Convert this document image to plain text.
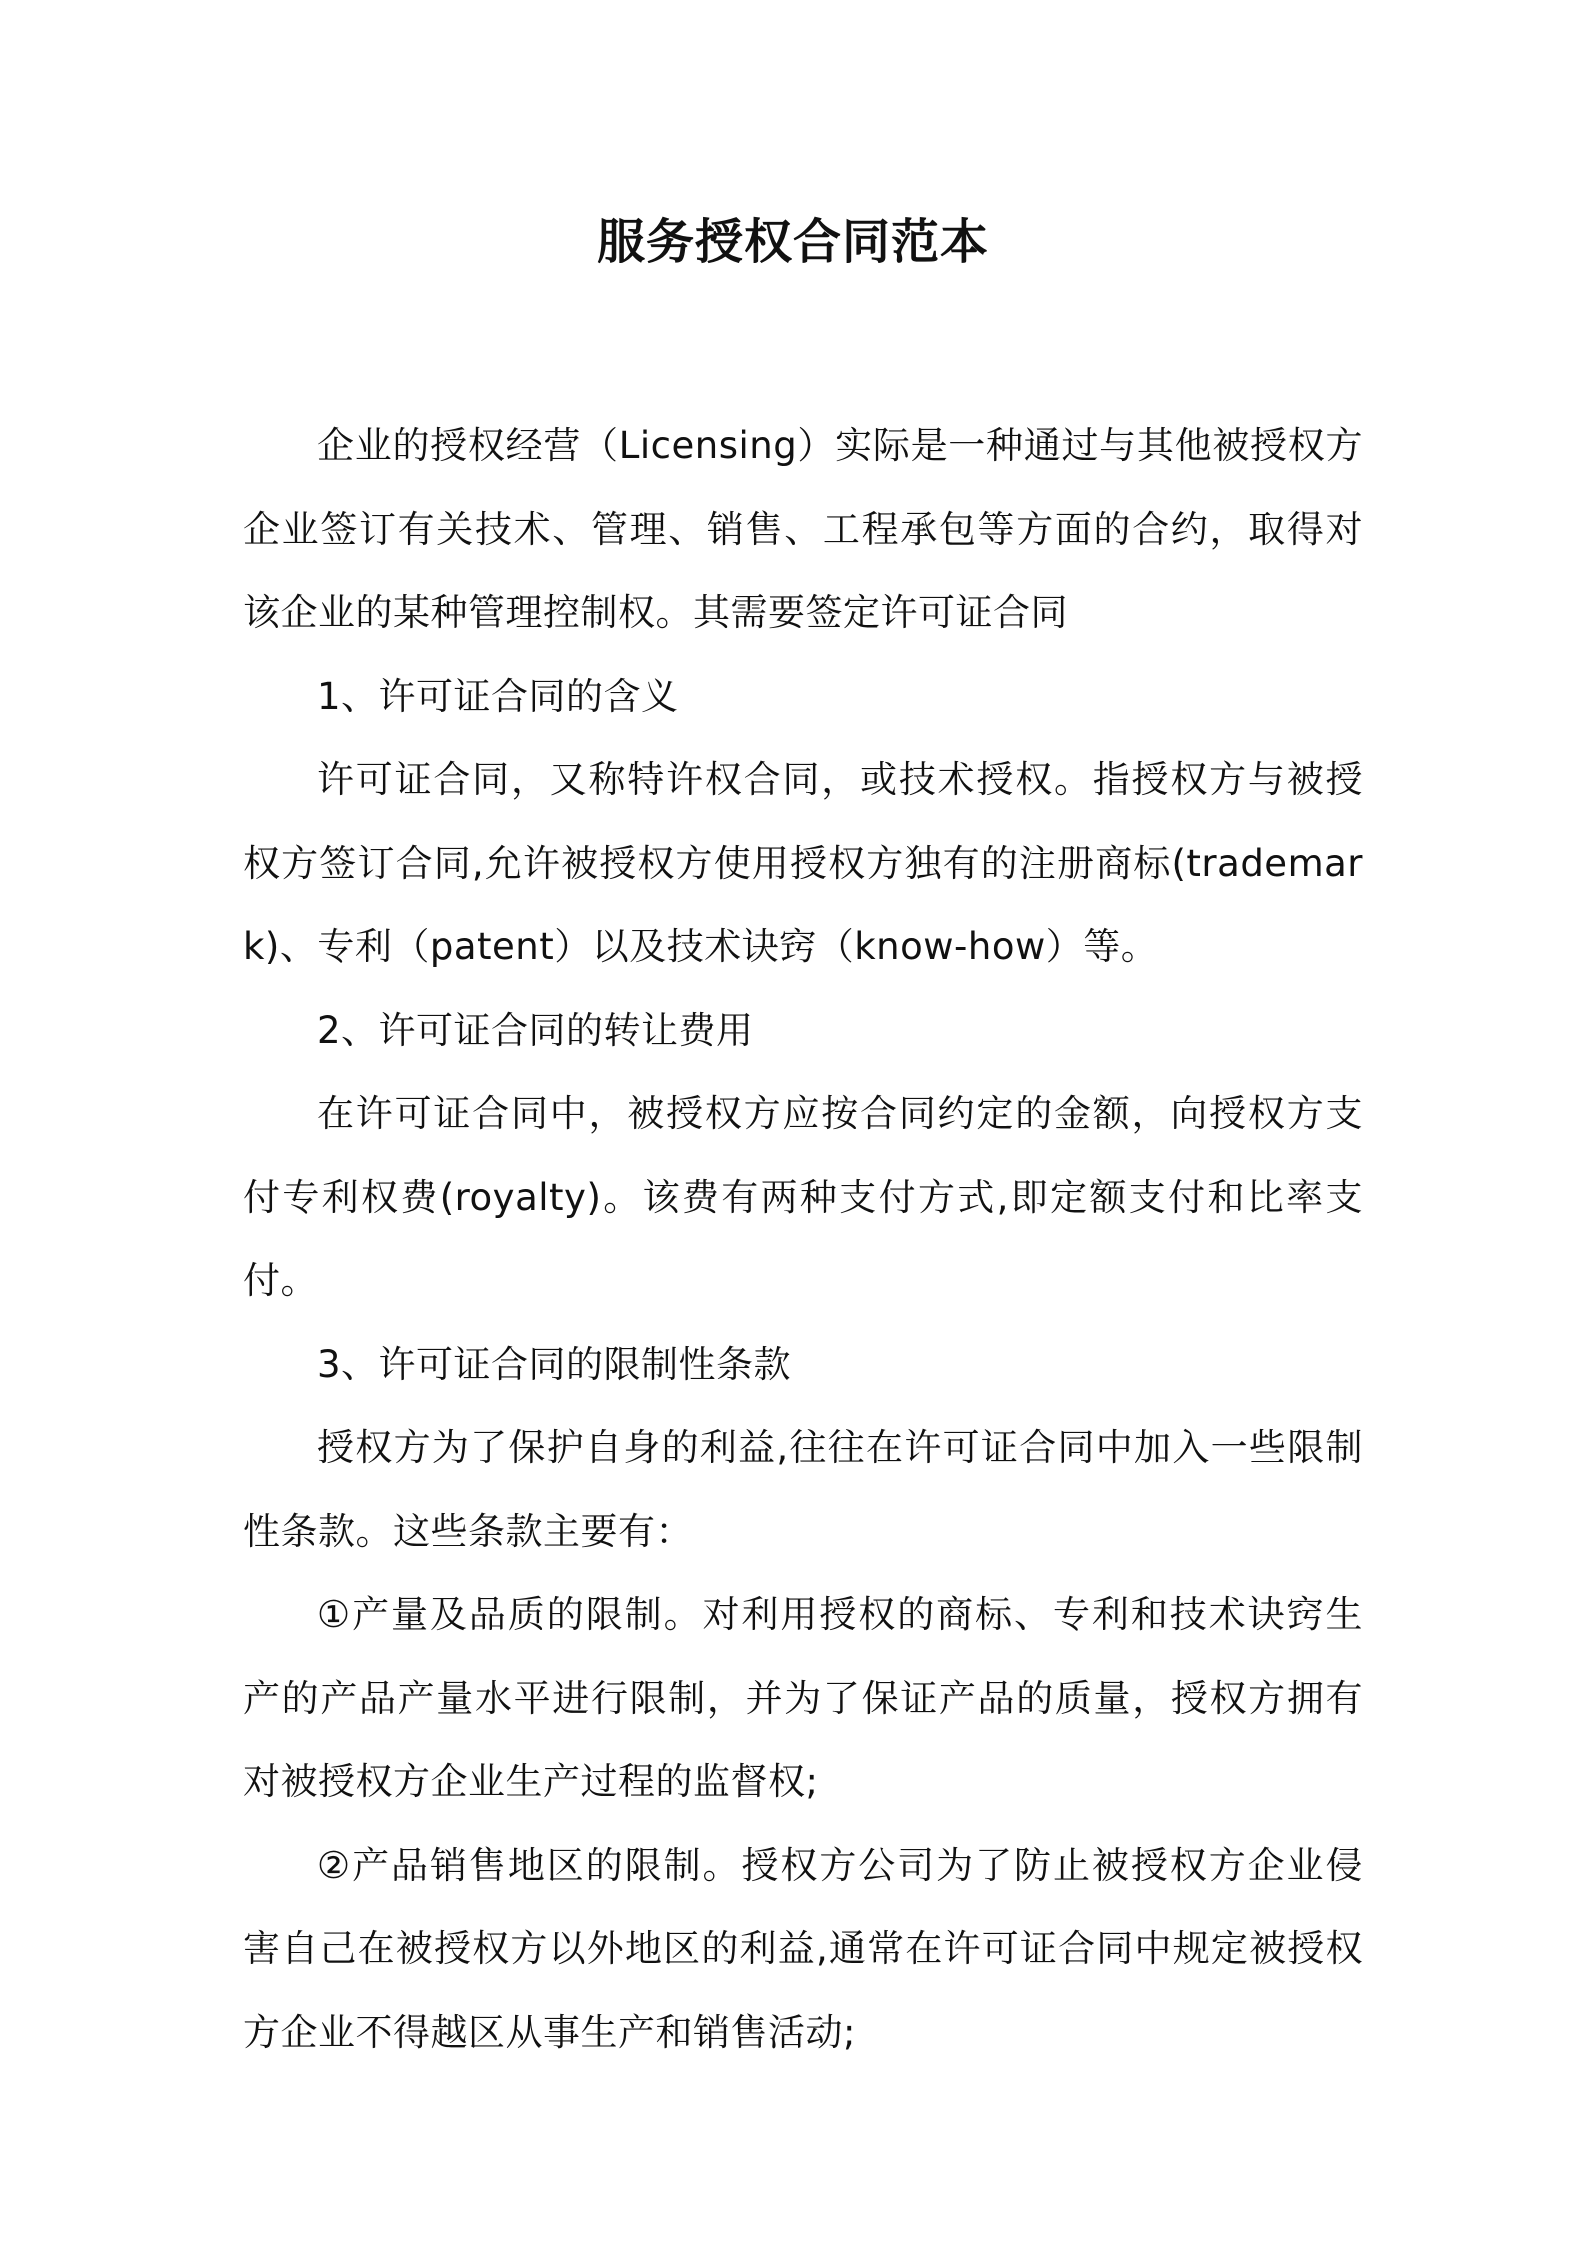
服务授权合同范本

企业的授权经营（Licensing）实际是一种通过与其他被授权方企业签订有关技术、管理、销售、工程承包等方面的合约，取得对该企业的某种管理控制权。其需要签定许可证合同

1、许可证合同的含义

许可证合同，又称特许权合同，或技术授权。指授权方与被授权方签订合同,允许被授权方使用授权方独有的注册商标(trademark)、专利（patent）以及技术诀窍（know-how）等。

2、许可证合同的转让费用

在许可证合同中，被授权方应按合同约定的金额，向授权方支付专利权费(royalty)。该费有两种支付方式,即定额支付和比率支付。

3、许可证合同的限制性条款

授权方为了保护自身的利益,往往在许可证合同中加入一些限制性条款。这些条款主要有：

①产量及品质的限制。对利用授权的商标、专利和技术诀窍生产的产品产量水平进行限制，并为了保证产品的质量，授权方拥有对被授权方企业生产过程的监督权;

②产品销售地区的限制。授权方公司为了防止被授权方企业侵害自己在被授权方以外地区的利益,通常在许可证合同中规定被授权方企业不得越区从事生产和销售活动;
